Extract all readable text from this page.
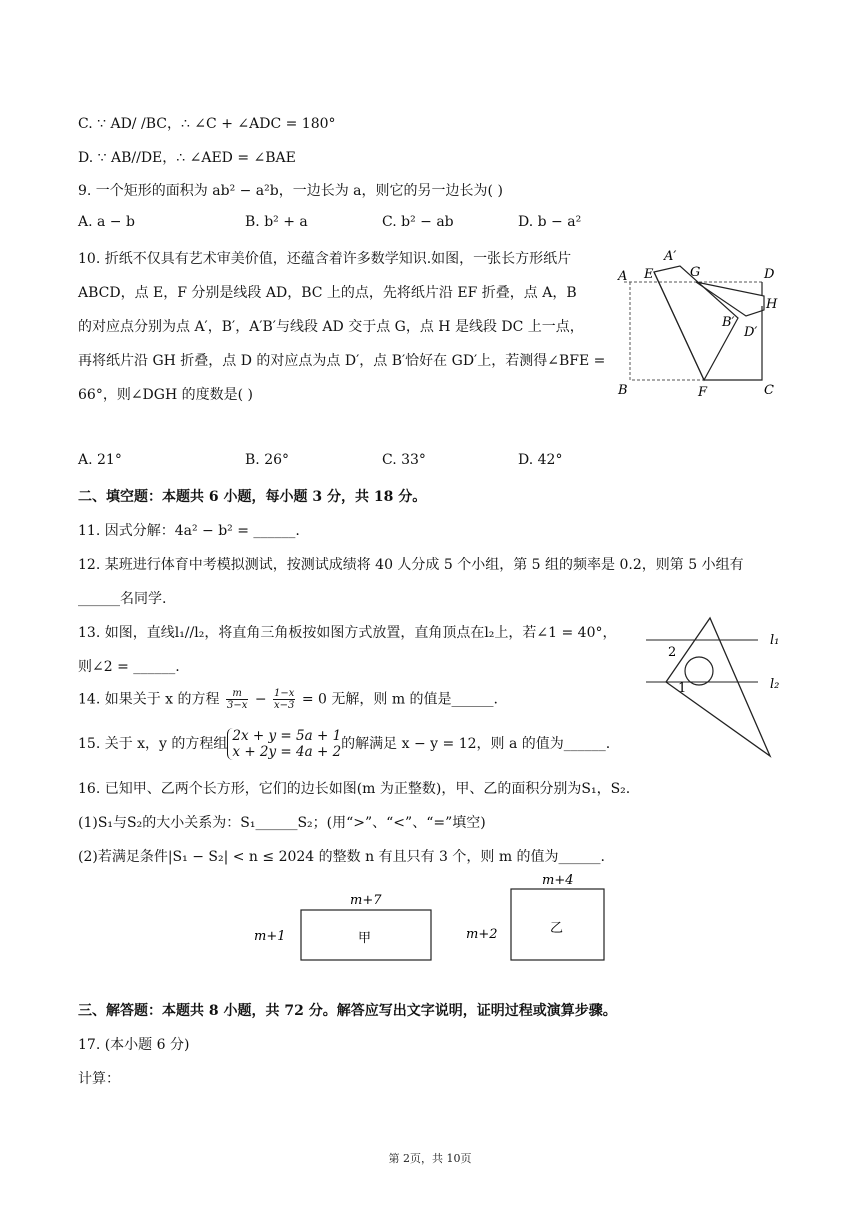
C. ∵ AD/ /BC，∴ ∠C + ∠ADC = 180°
D. ∵ AB//DE，∴ ∠AED = ∠BAE
9. 一个矩形的面积为 ab² − a²b，一边长为 a，则它的另一边长为( )
A. a − b	B. b² + a	C. b² − ab	D. b − a²
10. 折纸不仅具有艺术审美价值，还蕴含着许多数学知识.如图，一张长方形纸片
ABCD，点 E，F 分别是线段 AD，BC 上的点，先将纸片沿 EF 折叠，点 A，B
的对应点分别为点 A′，B′，A′B′与线段 AD 交于点 G，点 H 是线段 DC 上一点，
再将纸片沿 GH 折叠，点 D 的对应点为点 D′，点 B′恰好在 GD′上，若测得∠BFE =
66°，则∠DGH 的度数是( )
A E
A′
G	D
H
B′
D′
B	F	C
A. 21°	B. 26°	C. 33°	D. 42°
二、填空题：本题共 6 小题，每小题 3 分，共 18 分。
11. 因式分解：4a² − b² = ______.
12. 某班进行体育中考模拟测试，按测试成绩将 40 人分成 5 个小组，第 5 组的频率是 0.2，则第 5 小组有
______名同学.
13. 如图，直线l₁//l₂，将直角三角板按如图方式放置，直角顶点在l₂上，若∠1 = 40°，
则∠2 = ______.
l₁
l₂
2
1
14. 如果关于 x 的方程 $\frac{m}{3-x} - \frac{1-x}{x-3} = 0$ 无解，则 m 的值是______.
15. 关于 x，y 的方程组 2x + y = 5a + 1
x + 2y = 4a + 2 的解满足 x − y = 12，则 a 的值为______.
16. 已知甲、乙两个长方形，它们的边长如图(m 为正整数)，甲、乙的面积分别为S₁，S₂.
(1)S₁与S₂的大小关系为：S₁______S₂；(用“>”、“<”、“=”填空)
(2)若满足条件|S₁ − S₂| < n ≤ 2024 的整数 n 有且只有 3 个，则 m 的值为______.
m+7
m+1	甲
m+4
m+2	乙
三、解答题：本题共 8 小题，共 72 分。解答应写出文字说明，证明过程或演算步骤。
17. (本小题 6 分)
计算：
第 2页，共 10页
